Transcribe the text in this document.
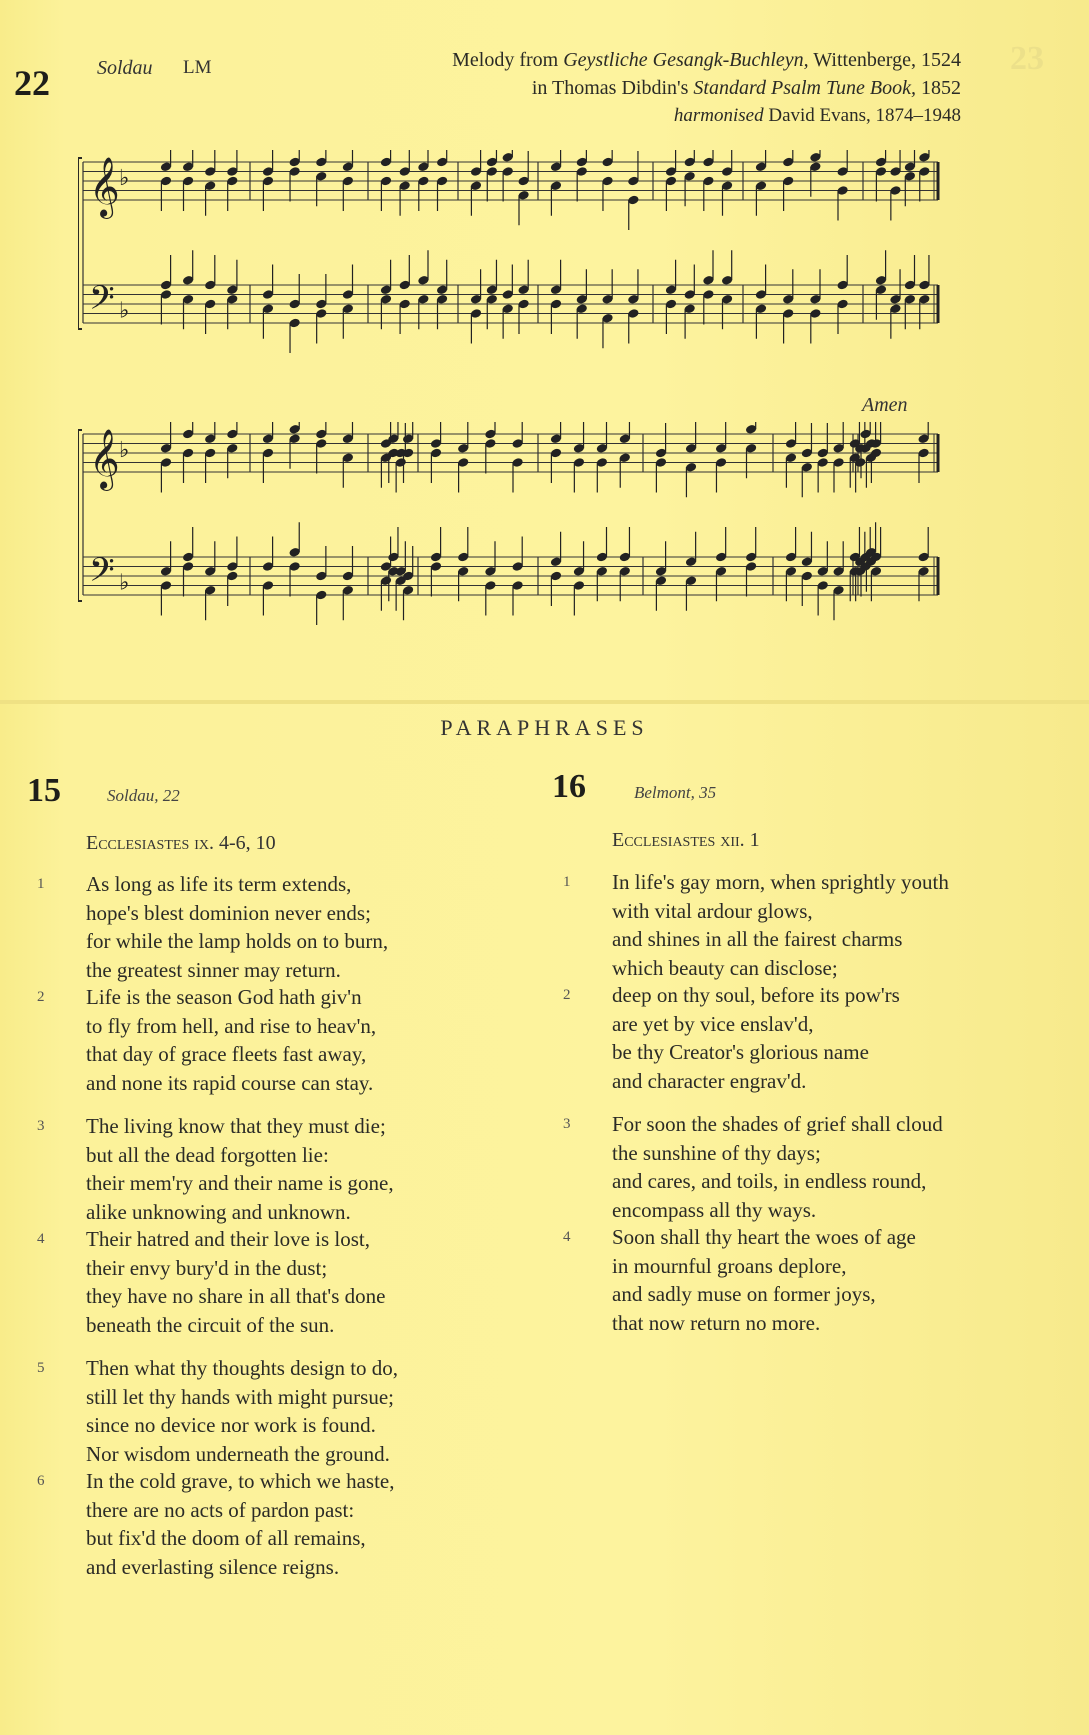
23
22 Soldau LM	Melody from Geystliche Gesangk-Buchleyn, Wittenberge, 1524
in Thomas Dibdin's Standard Psalm Tune Book, 1852
harmonised David Evans, 1874–1948
𝄞 ♭
𝄢 ♭
Amen
𝄞 ♭
𝄢 ♭
PARAPHRASES
15	Soldau, 22
Ecclesiastes ix. 4-6, 10
16	Belmont, 35
Ecclesiastes xii. 1
1 As long as life its term extends,
hope's blest dominion never ends;
for while the lamp holds on to burn,
the greatest sinner may return.
2 Life is the season God hath giv'n
to fly from hell, and rise to heav'n,
that day of grace fleets fast away,
and none its rapid course can stay.
3 The living know that they must die;
but all the dead forgotten lie:
their mem'ry and their name is gone,
alike unknowing and unknown.
4 Their hatred and their love is lost,
their envy bury'd in the dust;
they have no share in all that's done
beneath the circuit of the sun.
5 Then what thy thoughts design to do,
still let thy hands with might pursue;
since no device nor work is found.
Nor wisdom underneath the ground.
6 In the cold grave, to which we haste,
there are no acts of pardon past:
but fix'd the doom of all remains,
and everlasting silence reigns.
1 In life's gay morn, when sprightly youth
with vital ardour glows,
and shines in all the fairest charms
which beauty can disclose;
2 deep on thy soul, before its pow'rs
are yet by vice enslav'd,
be thy Creator's glorious name
and character engrav'd.
3 For soon the shades of grief shall cloud
the sunshine of thy days;
and cares, and toils, in endless round,
encompass all thy ways.
4 Soon shall thy heart the woes of age
in mournful groans deplore,
and sadly muse on former joys,
that now return no more.
